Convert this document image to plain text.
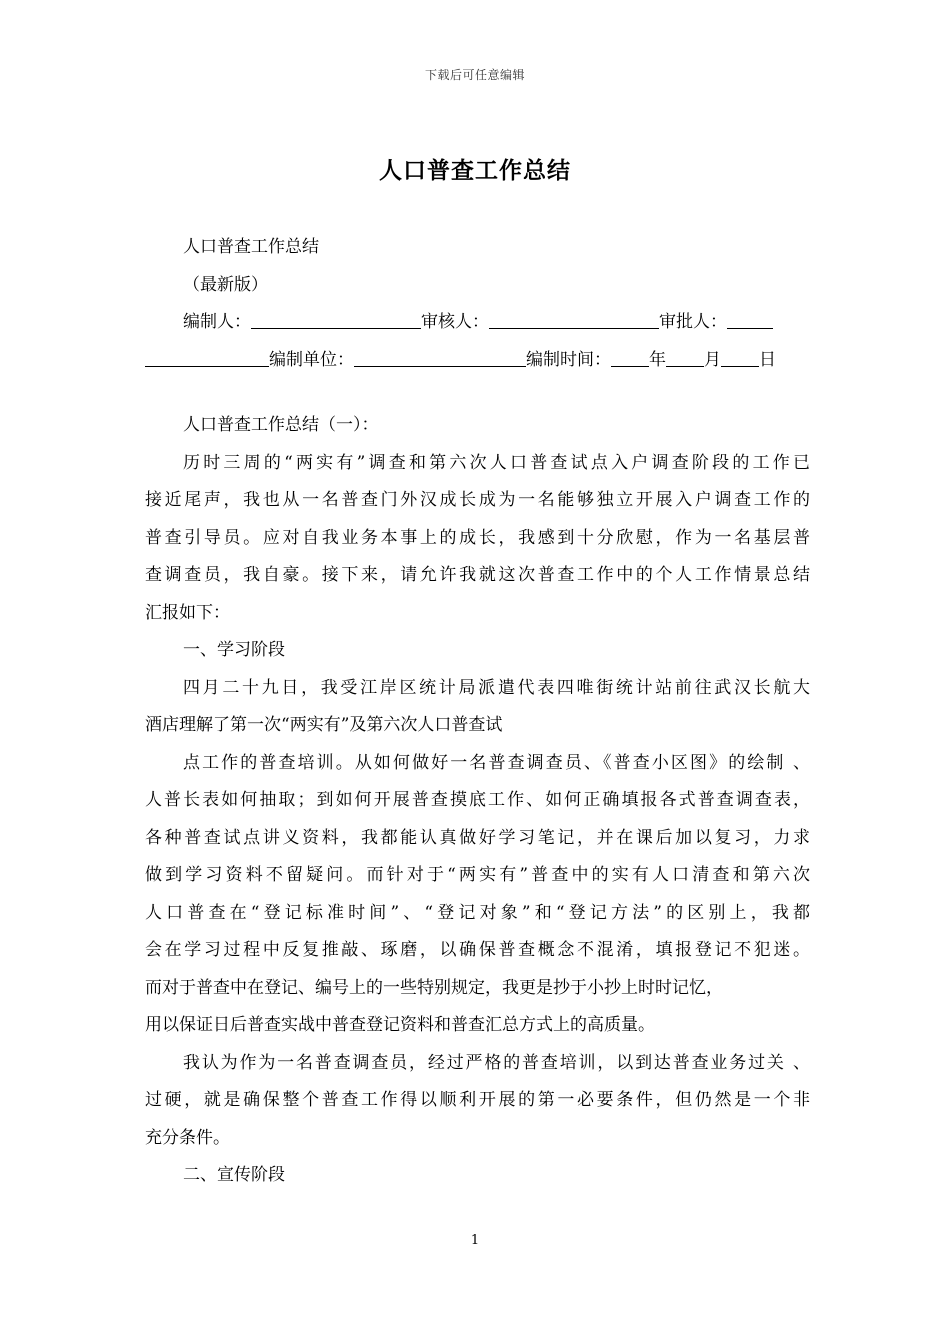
下载后可任意编辑
人口普查工作总结
人口普查工作总结
（最新版）
编制人：	审核人：	审批人：
编制单位：	编制时间： 年 月 日
人口普查工作总结（一）：
历时三周的“两实有”调查和第六次人口普查试点入户调查阶段的工作已
接近尾声，我也从一名普查门外汉成长成为一名能够独立开展入户调查工作的
普查引导员。应对自我业务本事上的成长，我感到十分欣慰，作为一名基层普
查调查员，我自豪。接下来，请允许我就这次普查工作中的个人工作情景总结
汇报如下：
一、学习阶段
四月二十九日，我受江岸区统计局派遣代表四唯街统计站前往武汉长航大
酒店理解了第一次“两实有”及第六次人口普查试
点工作的普查培训。从如何做好一名普查调查员、《普查小区图》的绘制 、
人普长表如何抽取；到如何开展普查摸底工作、如何正确填报各式普查调查表，
各种普查试点讲义资料，我都能认真做好学习笔记，并在课后加以复习，力求
做到学习资料不留疑问。而针对于“两实有”普查中的实有人口清查和第六次
人口普查在“登记标准时间”、“登记对象”和“登记方法”的区别上，我都
会在学习过程中反复推敲、琢磨，以确保普查概念不混淆，填报登记不犯迷。
而对于普查中在登记、编号上的一些特别规定，我更是抄于小抄上时时记忆，
用以保证日后普查实战中普查登记资料和普查汇总方式上的高质量。
我认为作为一名普查调查员，经过严格的普查培训，以到达普查业务过关 、
过硬，就是确保整个普查工作得以顺利开展的第一必要条件，但仍然是一个非
充分条件。
二、宣传阶段
1
